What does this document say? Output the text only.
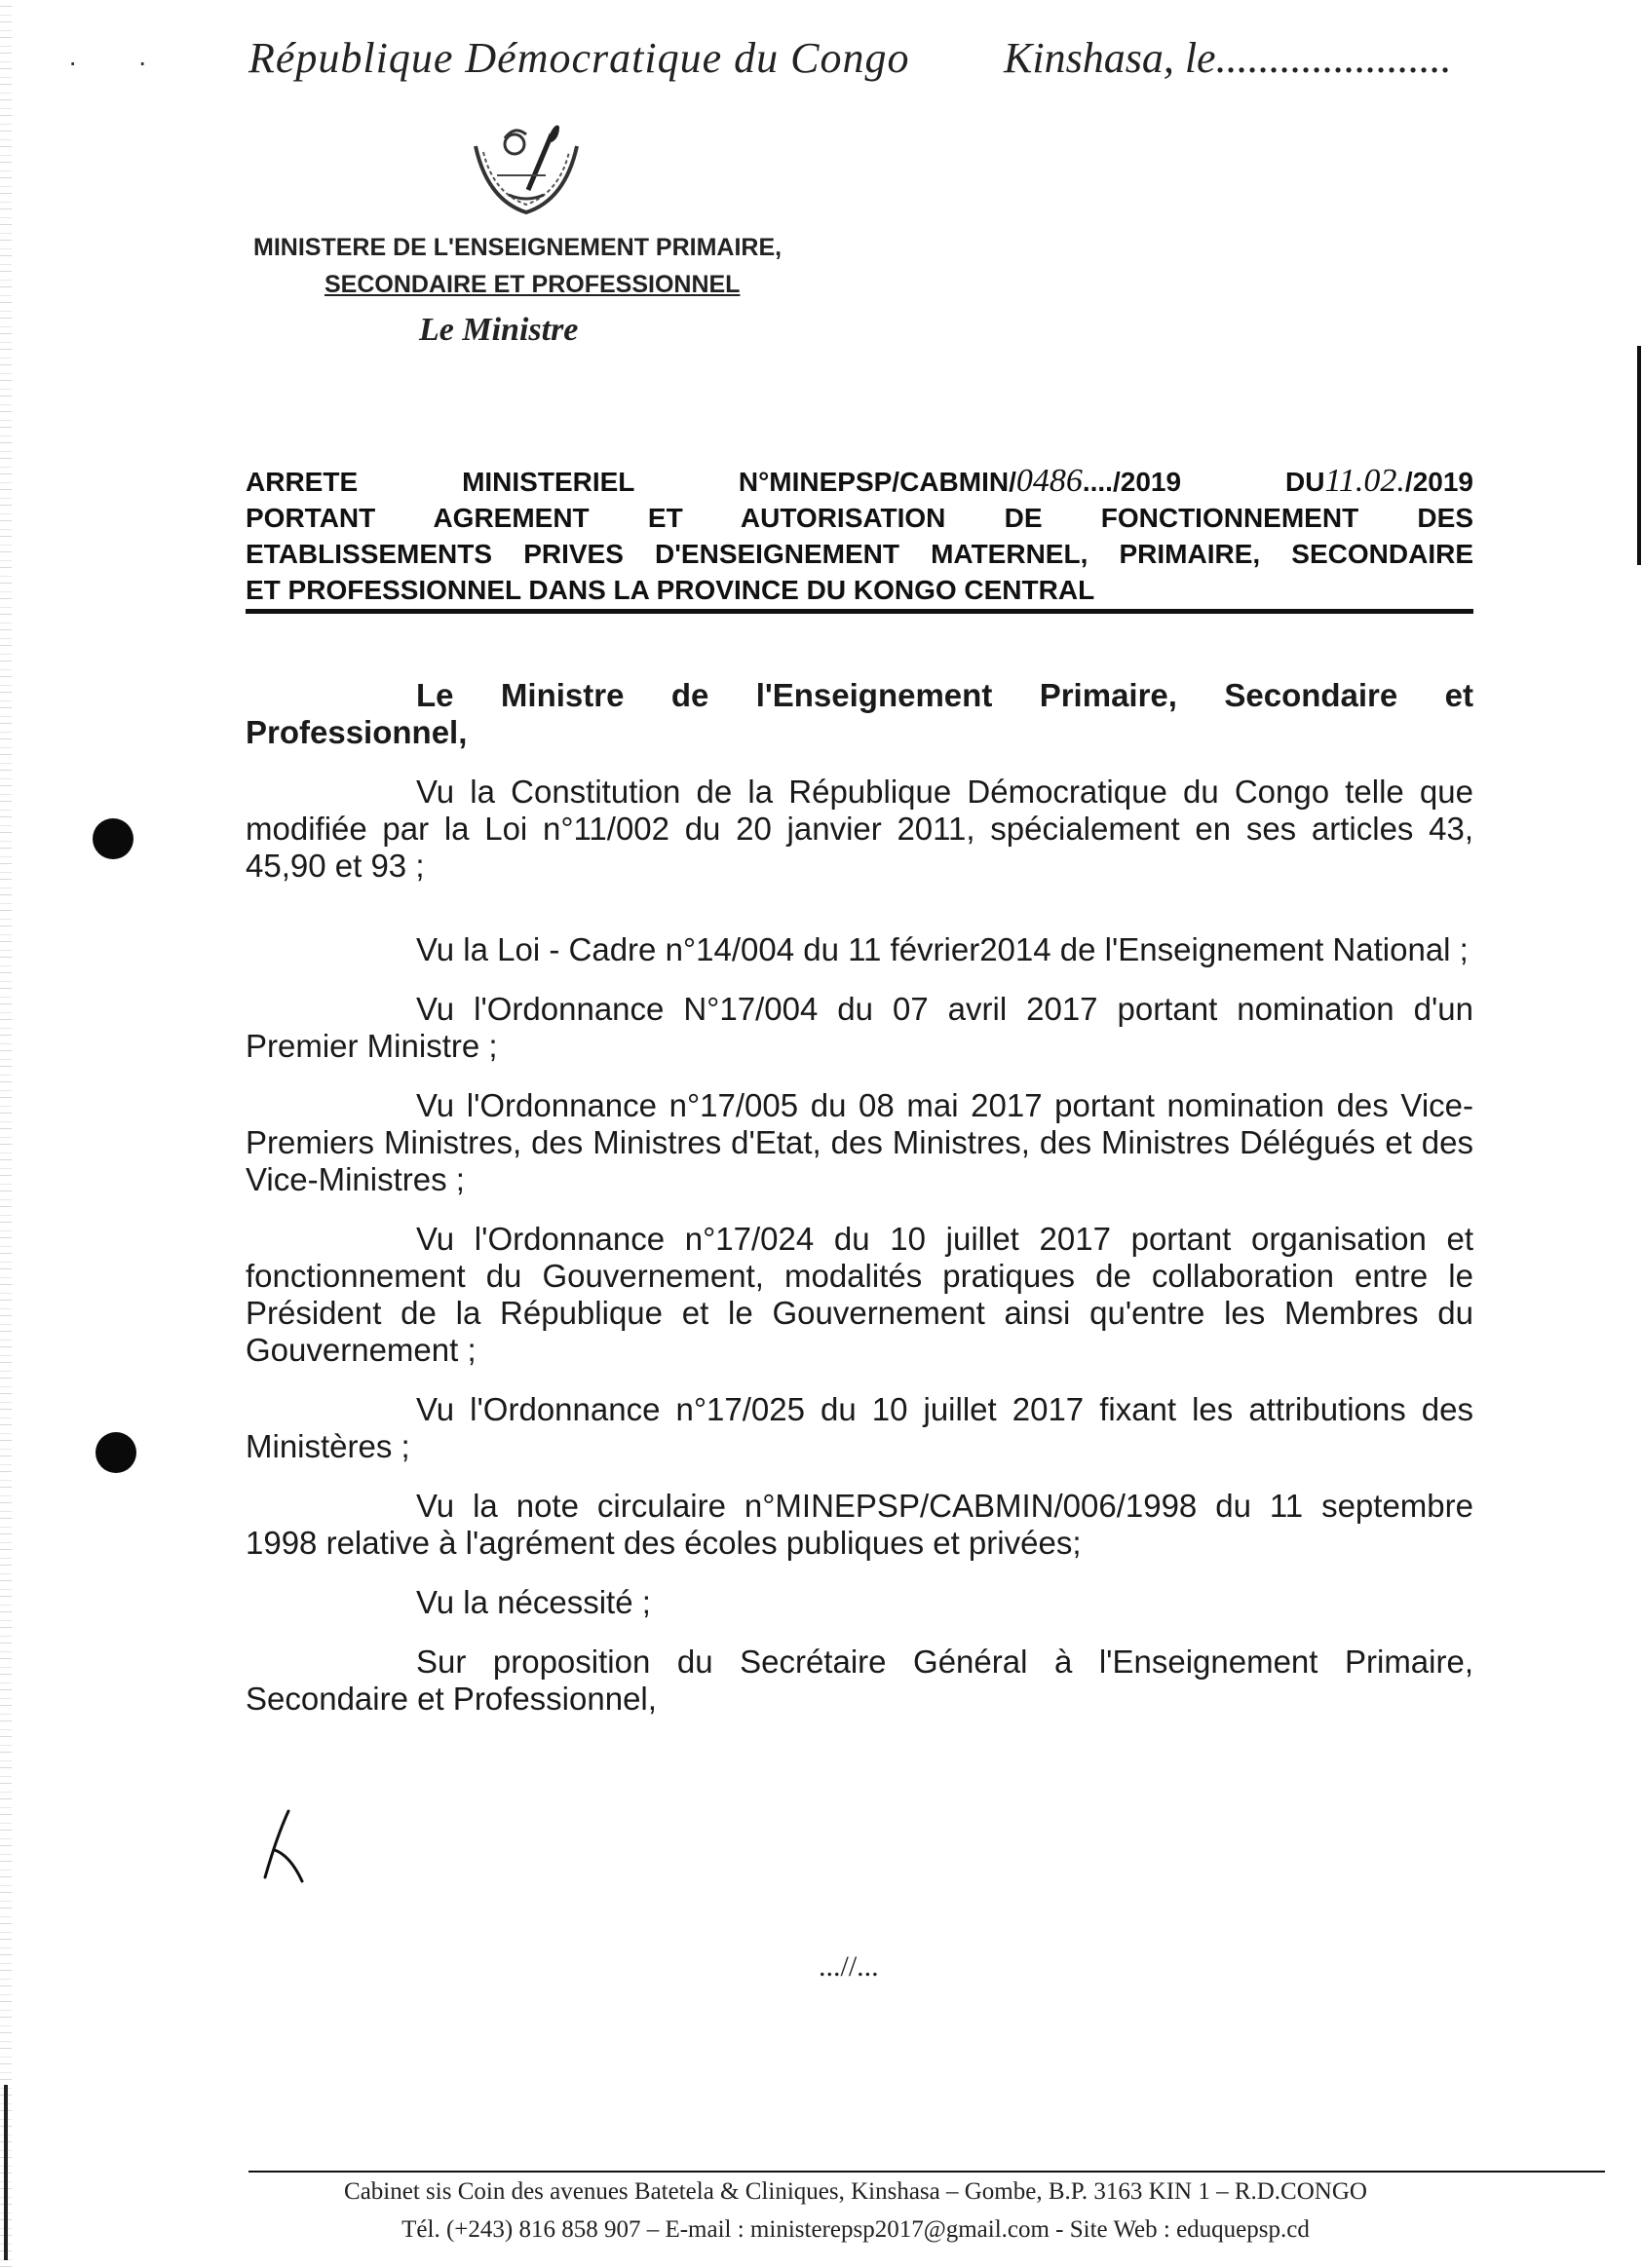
·        · République Démocratique du Congo Kinshasa, le......................
MINISTERE DE L'ENSEIGNEMENT PRIMAIRE,
SECONDAIRE ET PROFESSIONNEL
Le Ministre
ARRETE MINISTERIEL N°MINEPSP/CABMIN/0486..../2019 DU11.02./2019
PORTANT AGREMENT ET AUTORISATION DE FONCTIONNEMENT DES
ETABLISSEMENTS PRIVES D'ENSEIGNEMENT MATERNEL, PRIMAIRE, SECONDAIRE
ET PROFESSIONNEL DANS LA PROVINCE DU KONGO CENTRAL

Le Ministre de l'Enseignement Primaire, Secondaire et Professionnel,

Vu la Constitution de la République Démocratique du Congo telle que modifiée par la Loi n°11/002 du 20 janvier 2011, spécialement en ses articles 43, 45,90 et 93 ;

Vu la Loi - Cadre n°14/004 du 11 février2014 de l'Enseignement National ;

Vu l'Ordonnance N°17/004 du 07 avril 2017 portant nomination d'un Premier Ministre ;

Vu l'Ordonnance n°17/005 du 08 mai 2017 portant nomination des Vice-Premiers Ministres, des Ministres d'Etat, des Ministres, des Ministres Délégués et des Vice-Ministres ;

Vu l'Ordonnance n°17/024 du 10 juillet 2017 portant organisation et fonctionnement du Gouvernement, modalités pratiques de collaboration entre le Président de la République et le Gouvernement ainsi qu'entre les Membres du Gouvernement ;

Vu l'Ordonnance n°17/025 du 10 juillet 2017 fixant les attributions des Ministères ;

Vu la note circulaire n°MINEPSP/CABMIN/006/1998 du 11 septembre 1998 relative à l'agrément des écoles publiques et privées;

Vu la nécessité ;

Sur proposition du Secrétaire Général à l'Enseignement Primaire, Secondaire et Professionnel,

...//...
Cabinet sis Coin des avenues Batetela & Cliniques, Kinshasa – Gombe, B.P. 3163 KIN 1 – R.D.CONGO
Tél. (+243) 816 858 907 – E-mail : ministerepsp2017@gmail.com - Site Web : eduquepsp.cd
